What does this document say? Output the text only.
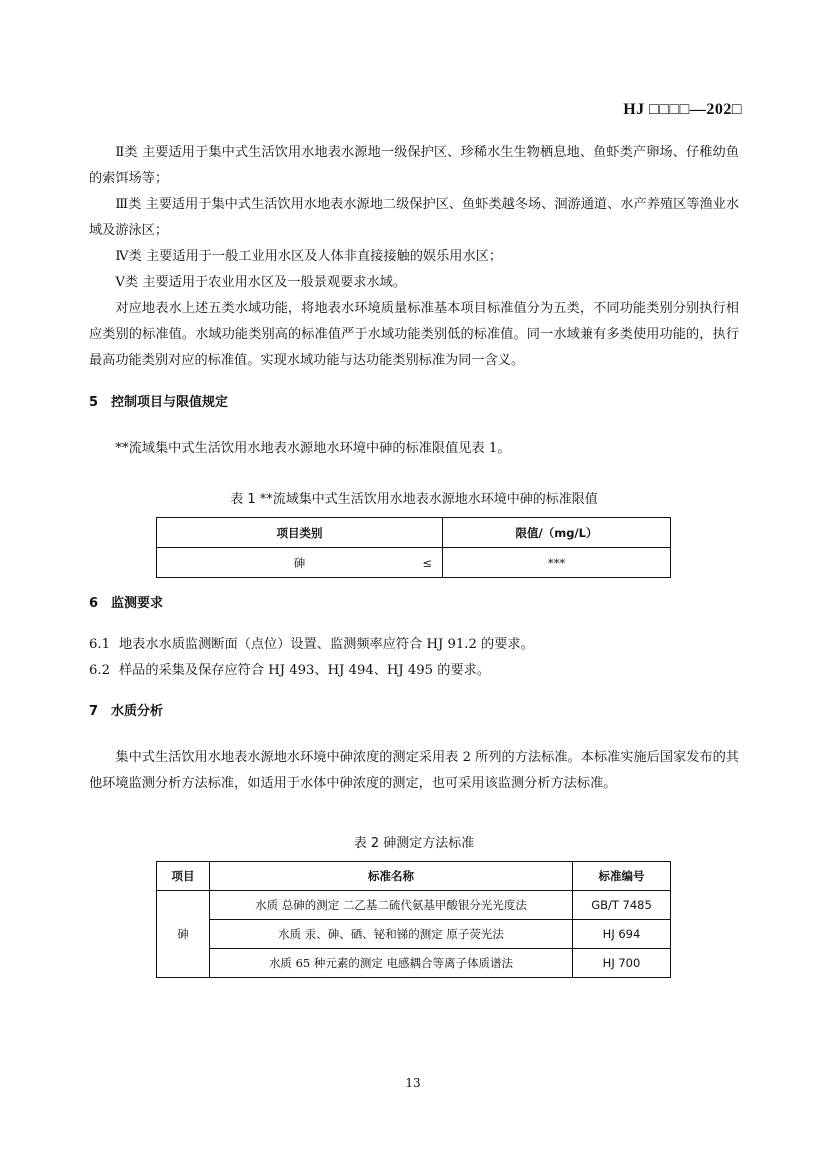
HJ □□□□—202□

Ⅱ类 主要适用于集中式生活饮用水地表水源地一级保护区、珍稀水生生物栖息地、鱼虾类产卵场、仔稚幼鱼的索饵场等；

Ⅲ类 主要适用于集中式生活饮用水地表水源地二级保护区、鱼虾类越冬场、洄游通道、水产养殖区等渔业水域及游泳区；

Ⅳ类 主要适用于一般工业用水区及人体非直接接触的娱乐用水区；

Ⅴ类 主要适用于农业用水区及一般景观要求水域。

对应地表水上述五类水域功能，将地表水环境质量标准基本项目标准值分为五类，不同功能类别分别执行相应类别的标准值。水域功能类别高的标准值严于水域功能类别低的标准值。同一水域兼有多类使用功能的，执行最高功能类别对应的标准值。实现水域功能与达功能类别标准为同一含义。

5 控制项目与限值规定

**流域集中式生活饮用水地表水源地水环境中砷的标准限值见表 1。

表 1 **流域集中式生活饮用水地表水源地水环境中砷的标准限值

项目类别	限值/（mg/L）
砷 ≤	***
6 监测要求

6.1 地表水水质监测断面（点位）设置、监测频率应符合 HJ 91.2 的要求。

6.2 样品的采集及保存应符合 HJ 493、HJ 494、HJ 495 的要求。

7 水质分析

集中式生活饮用水地表水源地水环境中砷浓度的测定采用表 2 所列的方法标准。本标准实施后国家发布的其他环境监测分析方法标准，如适用于水体中砷浓度的测定，也可采用该监测分析方法标准。

表 2 砷测定方法标准

项目	标准名称	标准编号
砷	水质 总砷的测定 二乙基二硫代氨基甲酸银分光光度法	GB/T 7485
	水质 汞、砷、硒、铋和锑的测定 原子荧光法	HJ 694
	水质 65 种元素的测定 电感耦合等离子体质谱法	HJ 700
13
